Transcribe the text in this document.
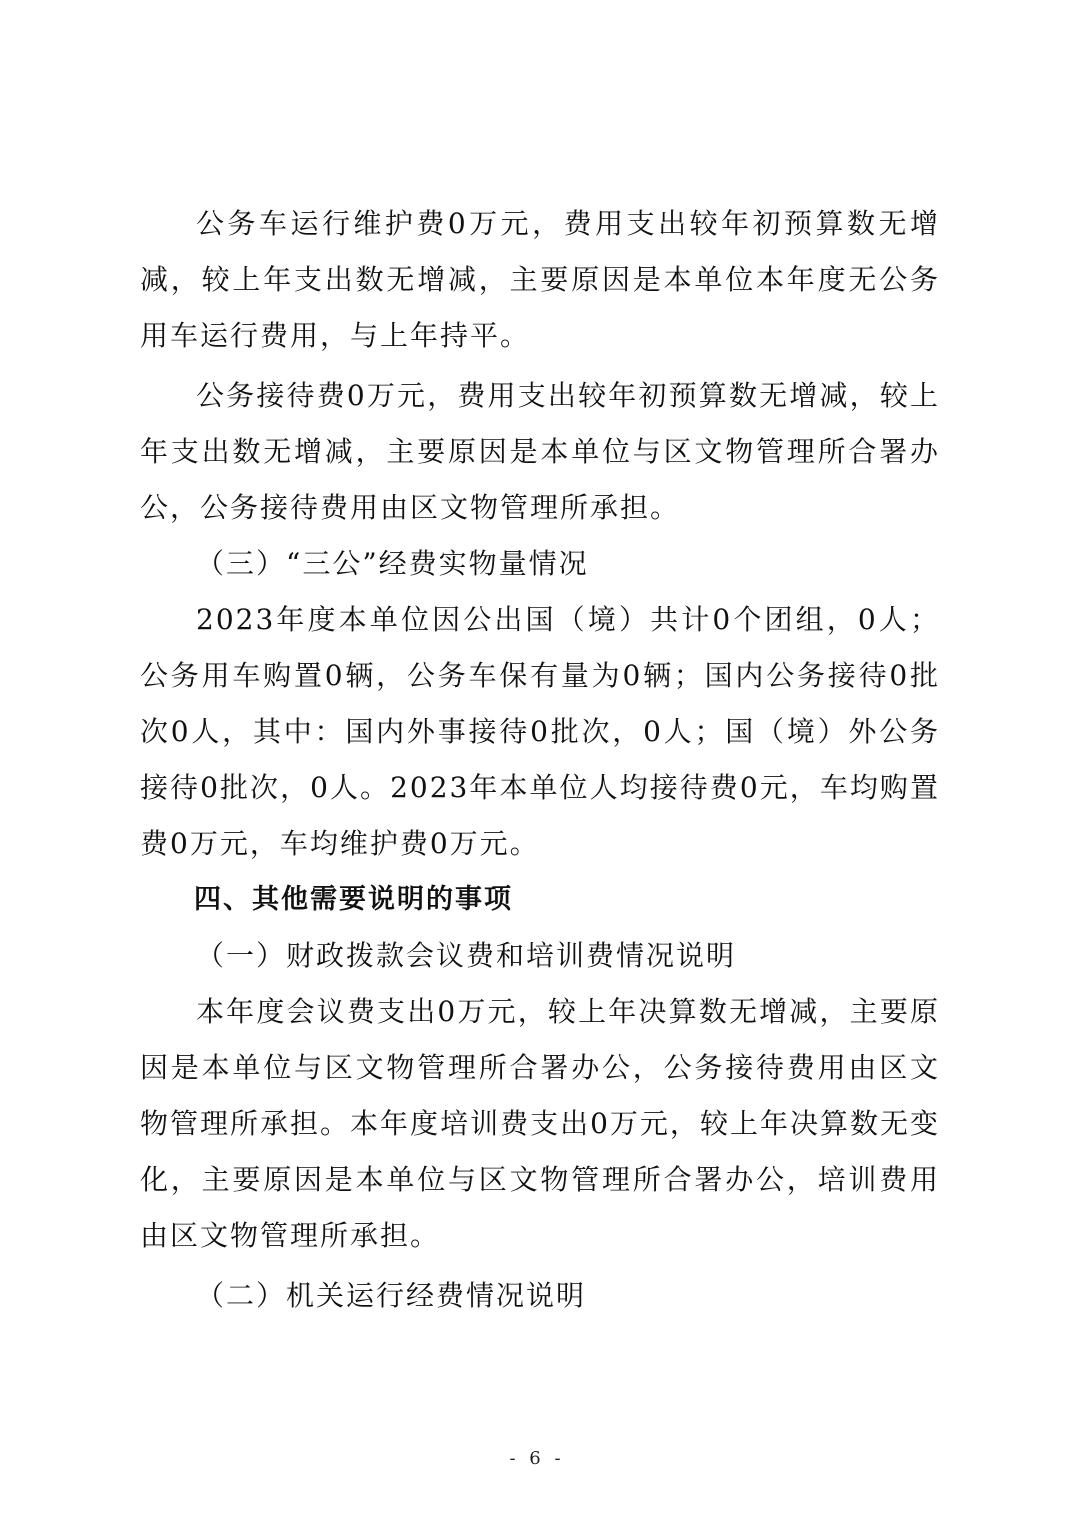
公务车运行维护费0万元，费用支出较年初预算数无增减，较上年支出数无增减，主要原因是本单位本年度无公务用车运行费用，与上年持平。

公务接待费0万元，费用支出较年初预算数无增减，较上年支出数无增减，主要原因是本单位与区文物管理所合署办公，公务接待费用由区文物管理所承担。

（三）“三公”经费实物量情况

2023年度本单位因公出国（境）共计0个团组，0人；公务用车购置0辆，公务车保有量为0辆；国内公务接待0批次0人，其中：国内外事接待0批次，0人；国（境）外公务接待0批次，0人。2023年本单位人均接待费0元，车均购置费0万元，车均维护费0万元。

四、其他需要说明的事项

（一）财政拨款会议费和培训费情况说明

本年度会议费支出0万元，较上年决算数无增减，主要原因是本单位与区文物管理所合署办公，公务接待费用由区文物管理所承担。本年度培训费支出0万元，较上年决算数无变化，主要原因是本单位与区文物管理所合署办公，培训费用由区文物管理所承担。

（二）机关运行经费情况说明

- 6 -
